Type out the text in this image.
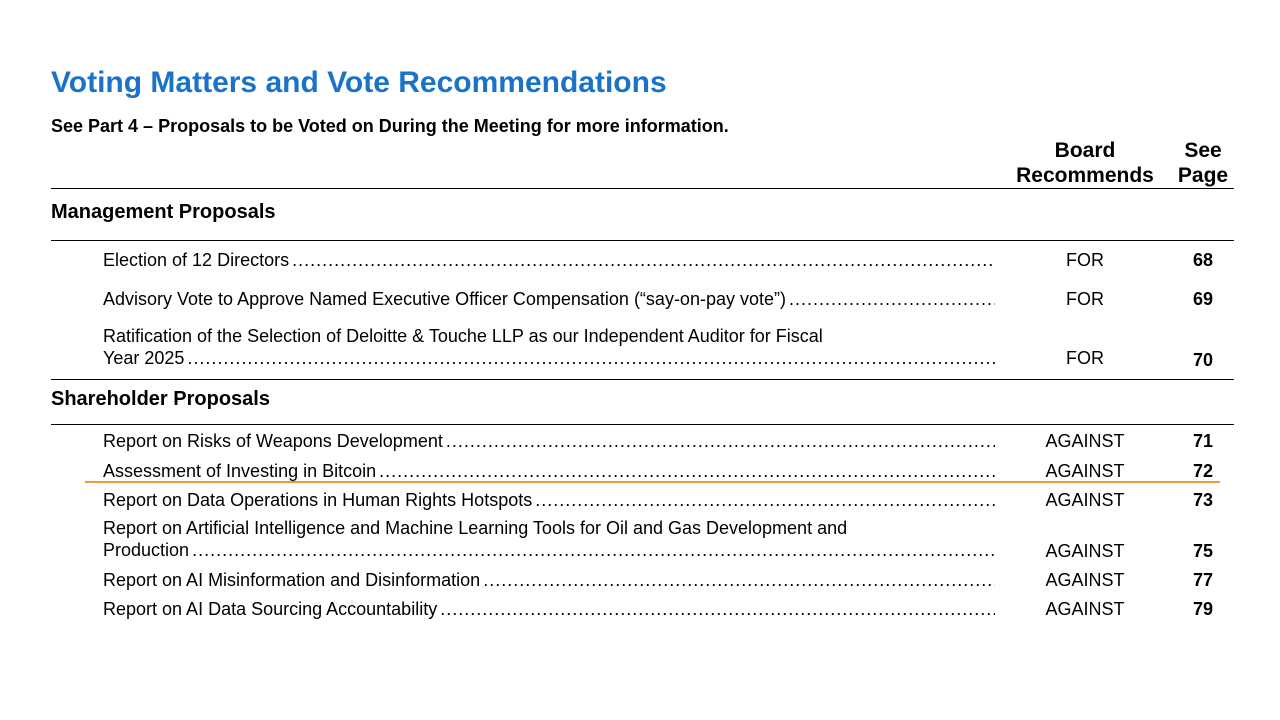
Voting Matters and Vote Recommendations

See Part 4 – Proposals to be Voted on During the Meeting for more information.

Board
Recommends
See
Page
Management Proposals
Election of 12 Directors .....	FOR	68
Advisory Vote to Approve Named Executive Officer Compensation (“say-on-pay vote”) .....	FOR	69
Ratification of the Selection of Deloitte & Touche LLP as our Independent Auditor for Fiscal
Year 2025 .....	FOR	70
Shareholder Proposals
Report on Risks of Weapons Development .....	AGAINST	71
Assessment of Investing in Bitcoin .....	AGAINST	72
Report on Data Operations in Human Rights Hotspots .....	AGAINST	73
Report on Artificial Intelligence and Machine Learning Tools for Oil and Gas Development and
Production .....	AGAINST	75
Report on AI Misinformation and Disinformation .....	AGAINST	77
Report on AI Data Sourcing Accountability .....	AGAINST	79
